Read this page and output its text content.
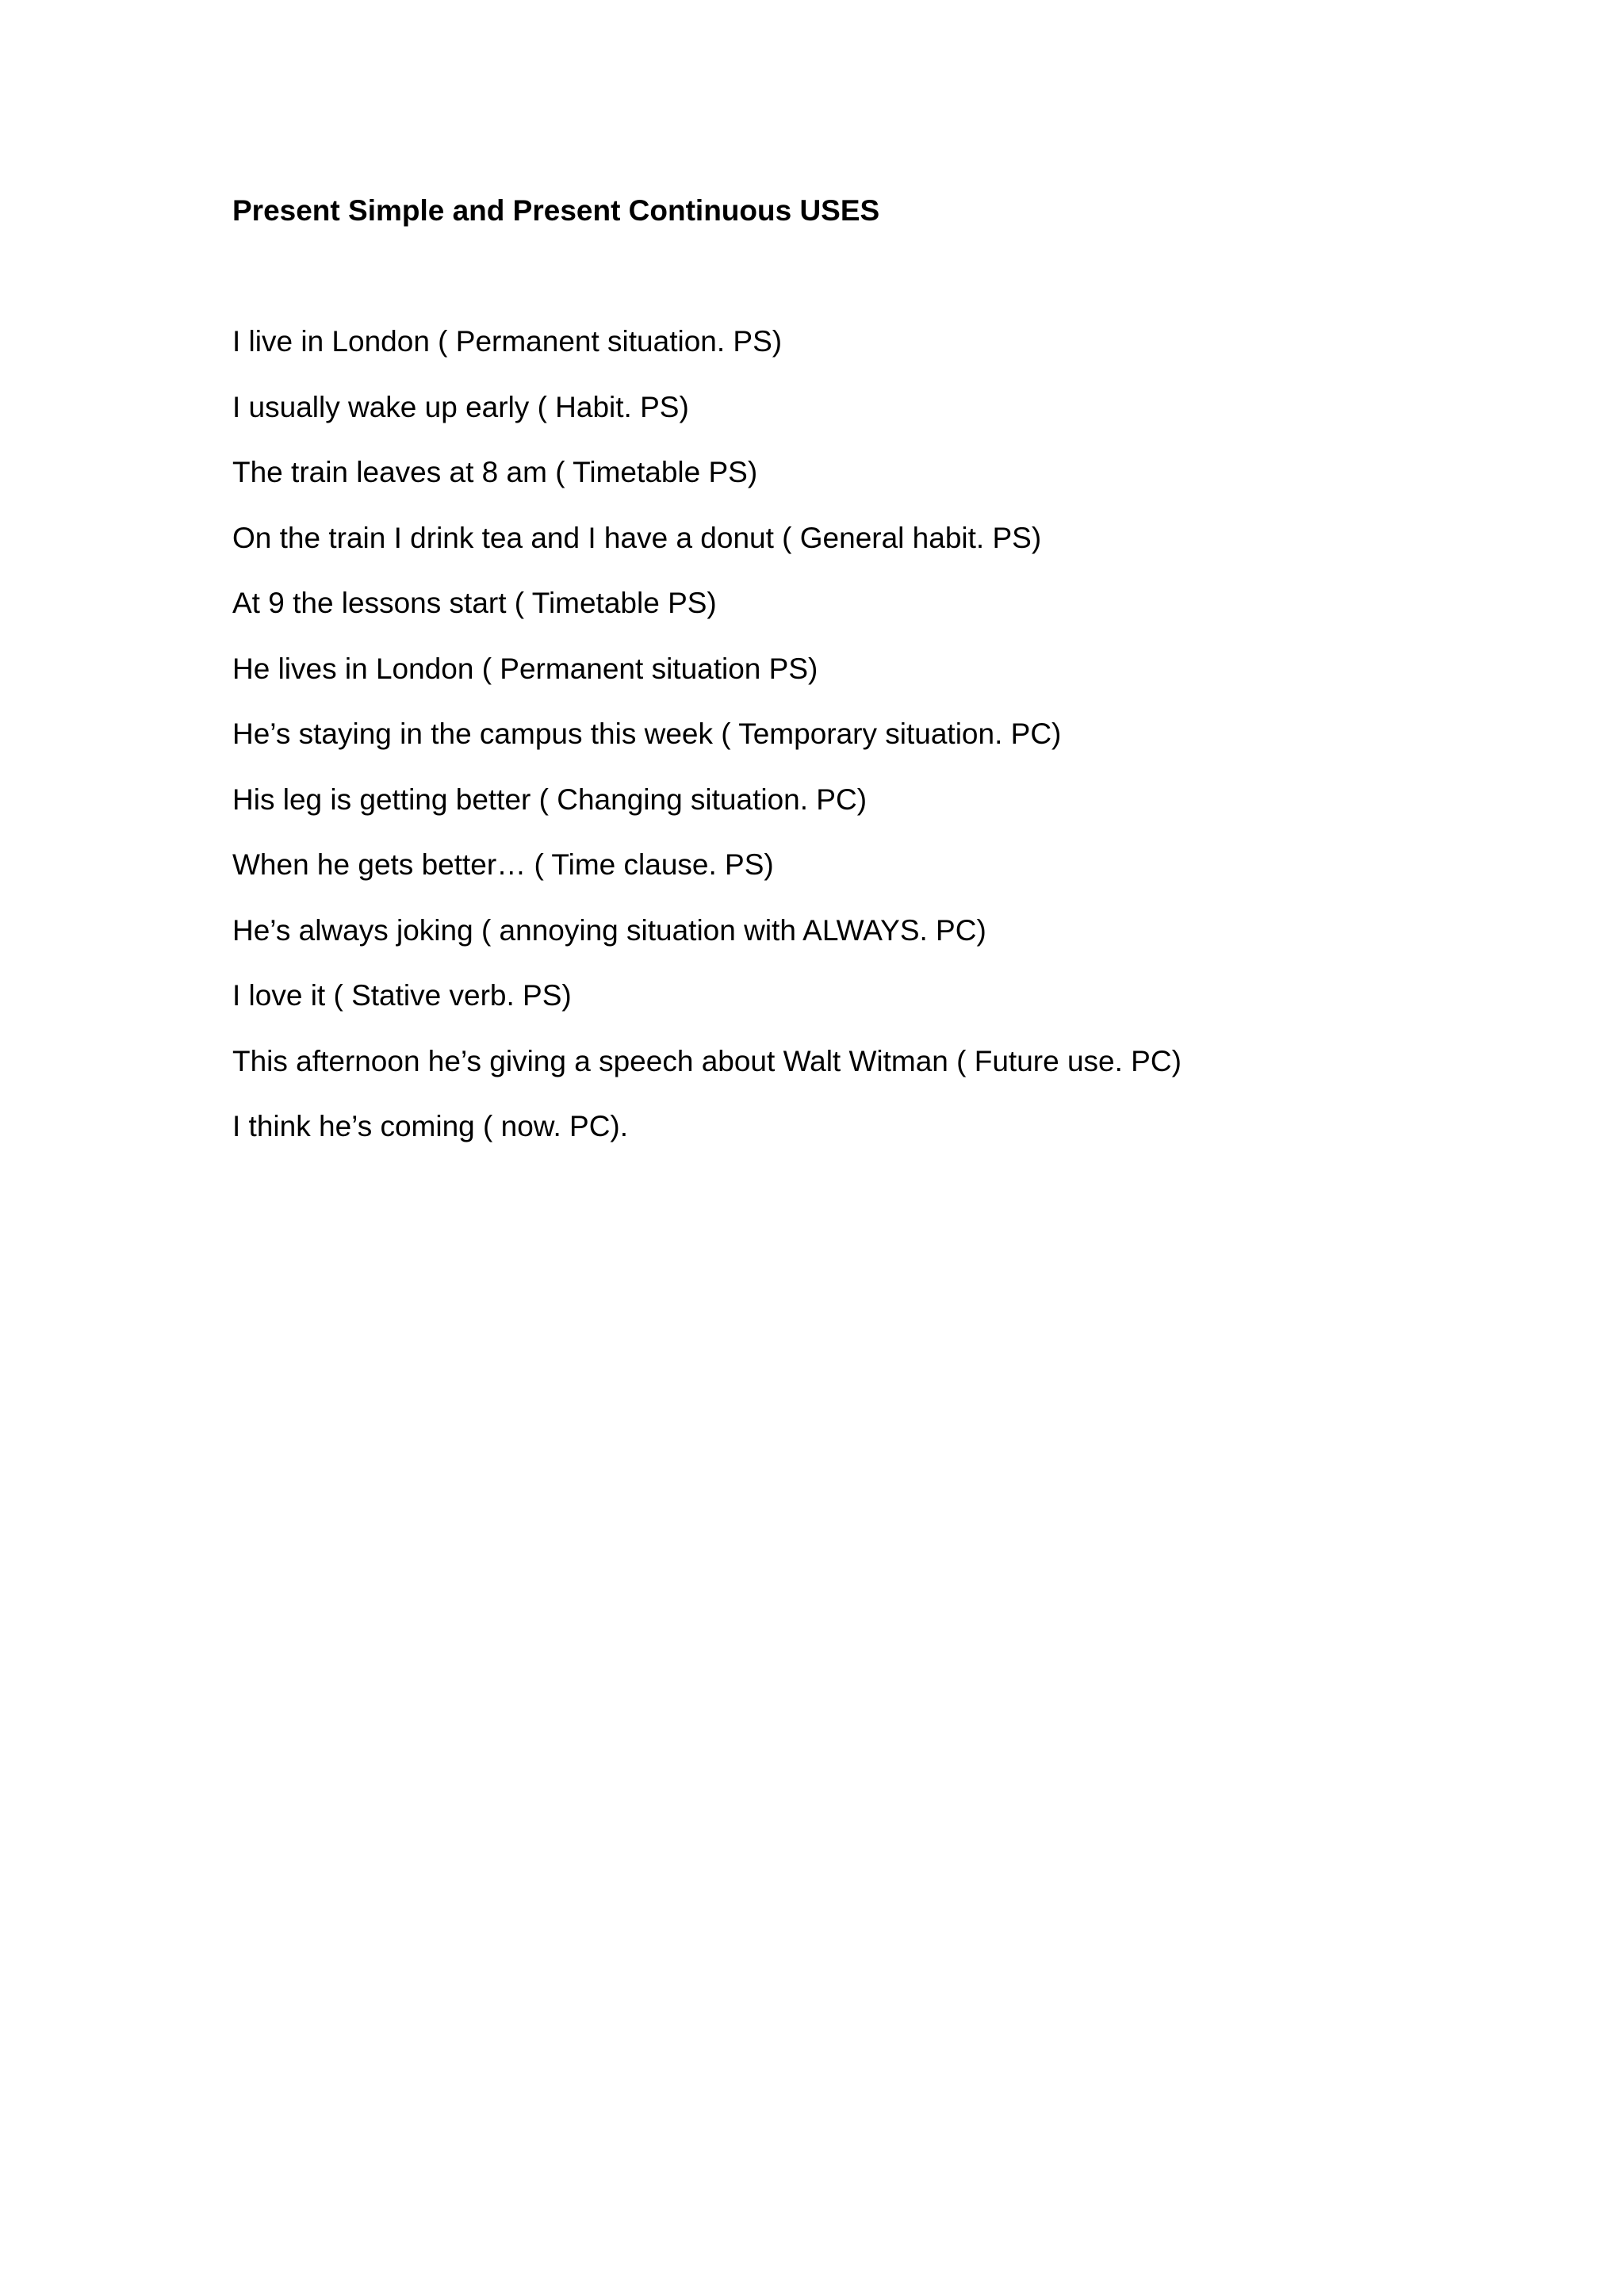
Present Simple and Present Continuous USES
I live in London ( Permanent situation. PS)
I usually wake up early ( Habit. PS)
The train leaves at 8 am ( Timetable PS)
On the train I drink tea and I have a donut ( General habit. PS)
At 9 the lessons start ( Timetable PS)
He lives in London ( Permanent situation PS)
He’s staying in the campus this week ( Temporary situation. PC)
His leg is getting better ( Changing situation. PC)
When he gets better… ( Time clause. PS)
He’s always joking ( annoying situation with ALWAYS. PC)
I love it ( Stative verb. PS)
This afternoon he’s giving a speech about Walt Witman ( Future use. PC)
I think he’s coming ( now. PC).
